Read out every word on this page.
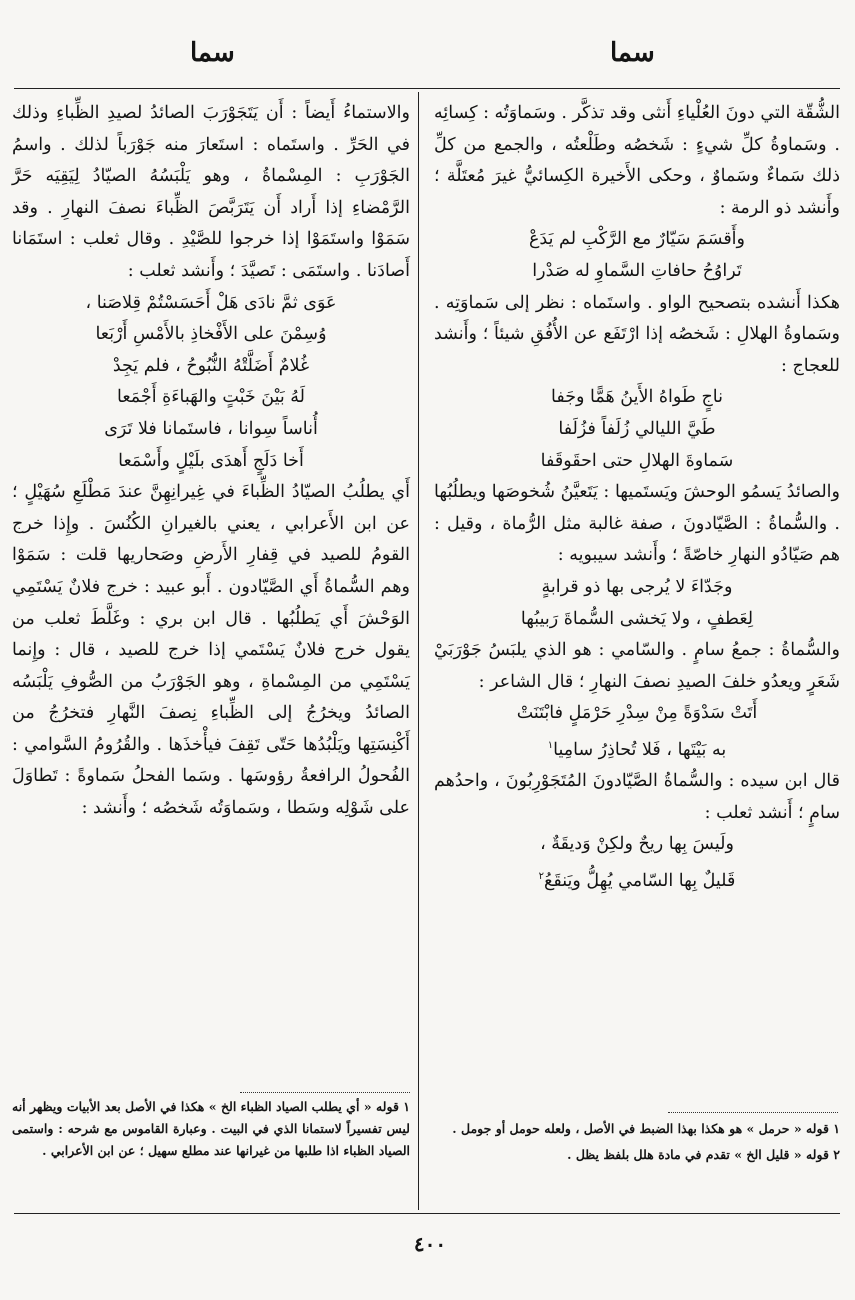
سما	سما

الشُّقّة التي دونَ العُلْياءِ أَنثى وقد تذكَّر . وسَماوَتُه : كِسائِه . وسَماوةُ كلِّ شيءٍ : شَخصُه وطَلْعتُه ، والجمع من كلِّ ذلك سَماءٌ وسَماوٌ ، وحكى الأَخيرة الكِسائيُّ غيرَ مُعتَلَّة ؛ وأَنشد ذو الرمة :

وأَقسَمَ سَيّارٌ مع الرَّكْبِ لم يَدَعْ

تَراوُحُ حافاتِ السَّماوِ له صَدْرا

هكذا أَنشده بتصحيح الواو . واستَماه : نظر إلى سَماوَتِه . وسَماوةُ الهلالِ : شَخصُه إذا ارْتَفَع عن الأُفُقِ شيئاً ؛ وأَنشد للعجاج :

ناجٍ طَواهُ الأَينُ هَمًّا وجَفا

طَيَّ الليالي زُلَفاً فزُلَفا

سَماوةَ الهلالِ حتى احقَوقَفا

والصائدُ يَسمُو الوحشَ ويَستَميها : يَتَعيَّنُ شُخوصَها ويطلُبُها . والسُّماةُ : الصَّيّادونَ ، صفة غالبة مثل الرُّماة ، وقيل : هم صَيّادُو النهارِ خاصّةً ؛ وأَنشد سيبويه :

وجَدّاءَ لا يُرجى بها ذو قرابةٍ

لِعَطفٍ ، ولا يَخشى السُّماةَ رَبيبُها

والسُّماةُ : جمعُ سامٍ . والسّامي : هو الذي يلبَسُ جَوْرَبَيْ شَعَرٍ ويعدُو خلفَ الصيدِ نصفَ النهارِ ؛ قال الشاعر :

أَتَتْ سَدْوَةً مِنْ سِدْرِ حَرْمَلٍ فابْتَنَتْ

به بَيْتَها ، فَلا تُحاذِرُ سامِيا$^١$

قال ابن سيده : والسُّماةُ الصَّيّادونَ المُتَجَوْرِبُونَ ، واحدُهم سامٍ ؛ أَنشد ثعلب :

ولَيسَ بِها ريحٌ ولكِنْ وَديقَةٌ ،

قَليلٌ بِها السّامي يُهِلُّ ويَنقَعُ$^٢$

والاستماءُ أَيضاً : أَن يَتَجَوْرَبَ الصائدُ لصيدِ الظِّباءِ وذلك في الحَرِّ . واستَماه : استَعارَ منه جَوْرَباً لذلك . واسمُ الجَوْرَبِ : المِسْماةُ ، وهو يَلْبَسُهُ الصيّادُ لِيَقِيَه حَرَّ الرَّمْضاءِ إذا أَراد أَن يَتَرَبَّصَ الظِّباءَ نصفَ النهارِ . وقد سَمَوْا واستَمَوْا إذا خرجوا للصَّيْدِ . وقال ثعلب : استَمَانا أَصادَنا . واستَمَى : تَصيَّدَ ؛ وأَنشد ثعلب :

عَوَى ثمَّ نادَى هَلْ أَحَسَسْتُمْ قِلاصَنا ،

وُسِمْنَ على الأَفْخاذِ بالأَمْسِ أَرْبَعا

غُلامٌ أَضَلَّتْهُ النُّبُوحُ ، فلم يَجِدْ

لَهُ بَيْنَ خَبْتٍ والهَباءَةِ أَجْمَعا

أُناساً سِوانا ، فاستَمانا فلا تَرَى

أَخا دَلَجٍ أَهدَى بلَيْلٍ وأَسْمَعا

أَي يطلُبُ الصيّادُ الظِّباءَ في غِيرانِهِنَّ عندَ مَطْلَعِ سُهَيْلٍ ؛ عن ابن الأَعرابي ، يعني بالغيرانِ الكُنُسَ . وإِذا خرج القومُ للصيد في قِفارِ الأَرضِ وصَحاريها قلت : سَمَوْا وهم السُّماةُ أَي الصَّيّادون . أَبو عبيد : خرج فلانٌ يَسْتَمِي الوَحْشَ أَي يَطلُبُها . قال ابن بري : وغَلَّطَ ثعلب من يقول خرج فلانٌ يَسْتَمي إذا خرج للصيد ، قال : وإِنما يَسْتَمِي من المِسْماةِ ، وهو الجَوْرَبُ من الصُّوفِ يَلْبَسُه الصائدُ ويخرُجُ إلى الظِّباءِ نِصفَ النَّهارِ فتخرُجُ من أَكْنِسَتِها ويَلْبُدُها حَتّى تَقِفَ فيأْخذَها . والقُرُومُ السَّوامي : الفُحولُ الرافعةُ رؤوسَها . وسَما الفحلُ سَماوةً : تَطاوَلَ على شَوْلِه وسَطا ، وسَماوَتُه شَخصُه ؛ وأَنشد :

١ قوله « حرمل » هو هكذا بهذا الضبط في الأصل ، ولعله حومل أو جومل .

٢ قوله « قليل الخ » تقدم في مادة هلل بلفظ يظل .

١ قوله « أي يطلب الصياد الظباء الخ » هكذا في الأصل بعد الأبيات ويظهر أنه ليس تفسيراً لاستمانا الذي في البيت . وعبارة القاموس مع شرحه : واستمى الصياد الظباء اذا طلبها من غيرانها عند مطلع سهيل ؛ عن ابن الأعرابي .

٤٠٠
